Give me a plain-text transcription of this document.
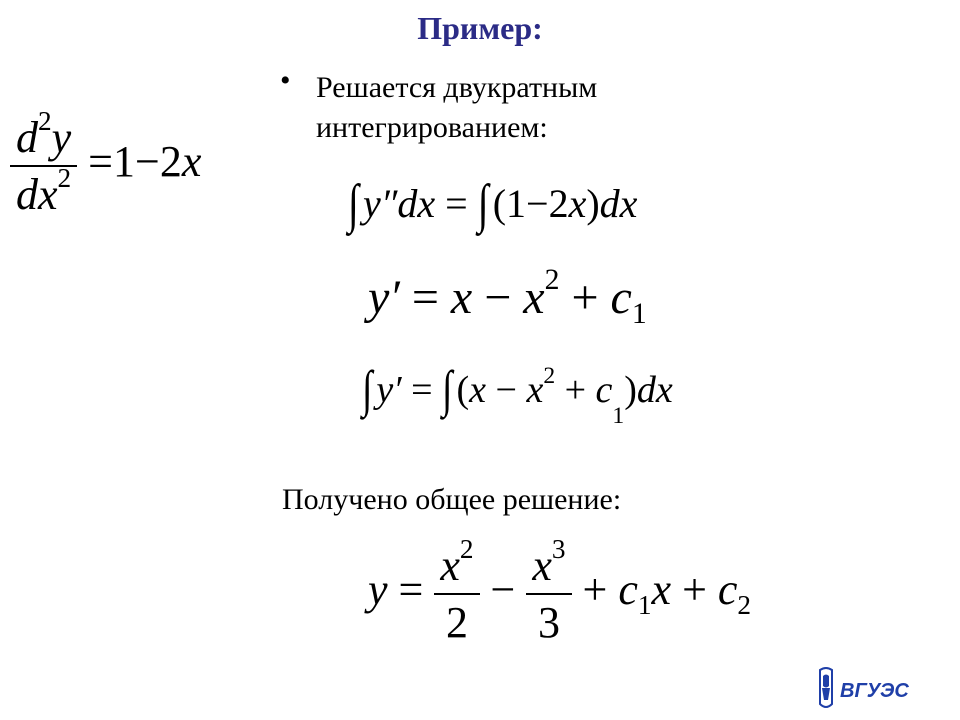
Пример:
$\frac{d^2y}{dx^2} =1-2x$
• Решается двукратным
интегрированием:
∫ y″dx = ∫ (1−2x)dx
$y' = x - x^2 + c_1$
∫ y′ = ∫ $(x - x^2 + c_1)dx$
Получено общее решение:
$y = \frac{x^2}{2} - \frac{x^3}{3} + c_1x + c_2$
ВГУЭС
